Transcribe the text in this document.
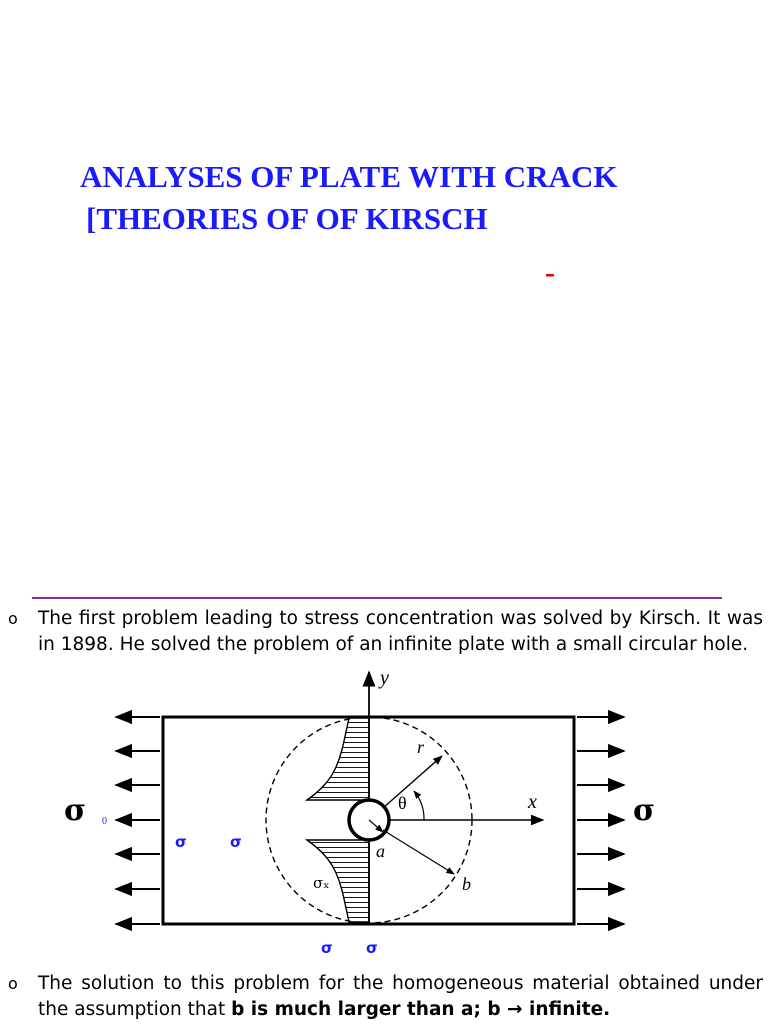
ANALYSES OF PLATE WITH CRACK
[THEORIES OF OF KIRSCH
-
o The first problem leading to stress concentration was solved by Kirsch. It was in 1898. He solved the problem of an infinite plate with a small circular hole.
y
x
r
θ
a
b
σₓ
σ 0	σ
σ	σ
σ σ
o The solution to this problem for the homogeneous material obtained under the assumption that b is much larger than a; b → infinite.
